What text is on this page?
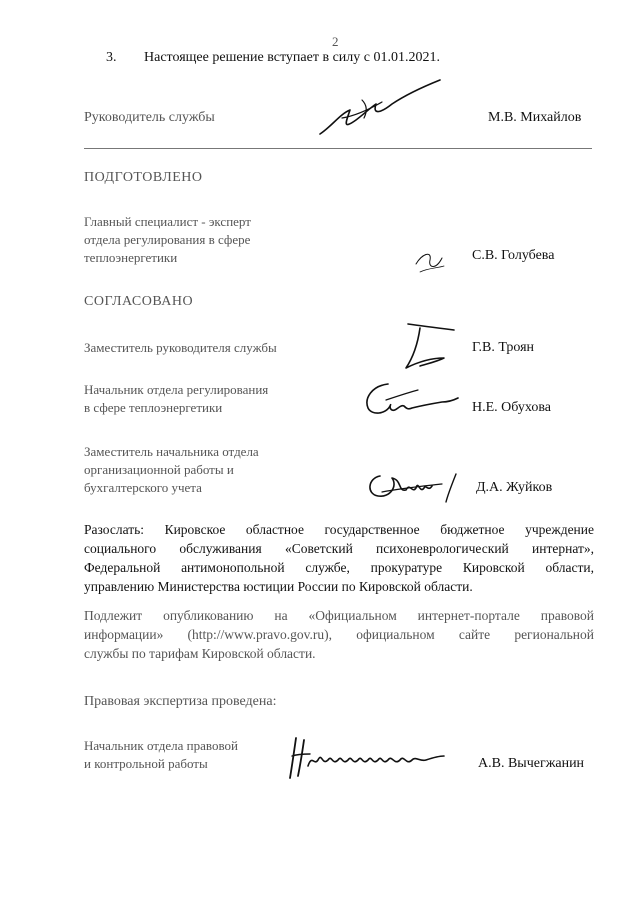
2
3. Настоящее решение вступает в силу с 01.01.2021.
Руководитель службы	М.В. Михайлов
ПОДГОТОВЛЕНО
Главный специалист - эксперт
отдела регулирования в сфере
теплоэнергетики	С.В. Голубева
СОГЛАСОВАНО
Заместитель руководителя службы	Г.В. Троян
Начальник отдела регулирования
в сфере теплоэнергетики	Н.Е. Обухова
Заместитель начальника отдела
организационной работы и
бухгалтерского учета	Д.А. Жуйков
Разослать: Кировское областное государственное бюджетное учреждение
социального обслуживания «Советский психоневрологический интернат»,
Федеральной антимонопольной службе, прокуратуре Кировской области,
управлению Министерства юстиции России по Кировской области.
Подлежит опубликованию на «Официальном интернет-портале правовой
информации» (http://www.pravo.gov.ru), официальном сайте региональной
службы по тарифам Кировской области.
Правовая экспертиза проведена:
Начальник отдела правовой
и контрольной работы	А.В. Вычегжанин
